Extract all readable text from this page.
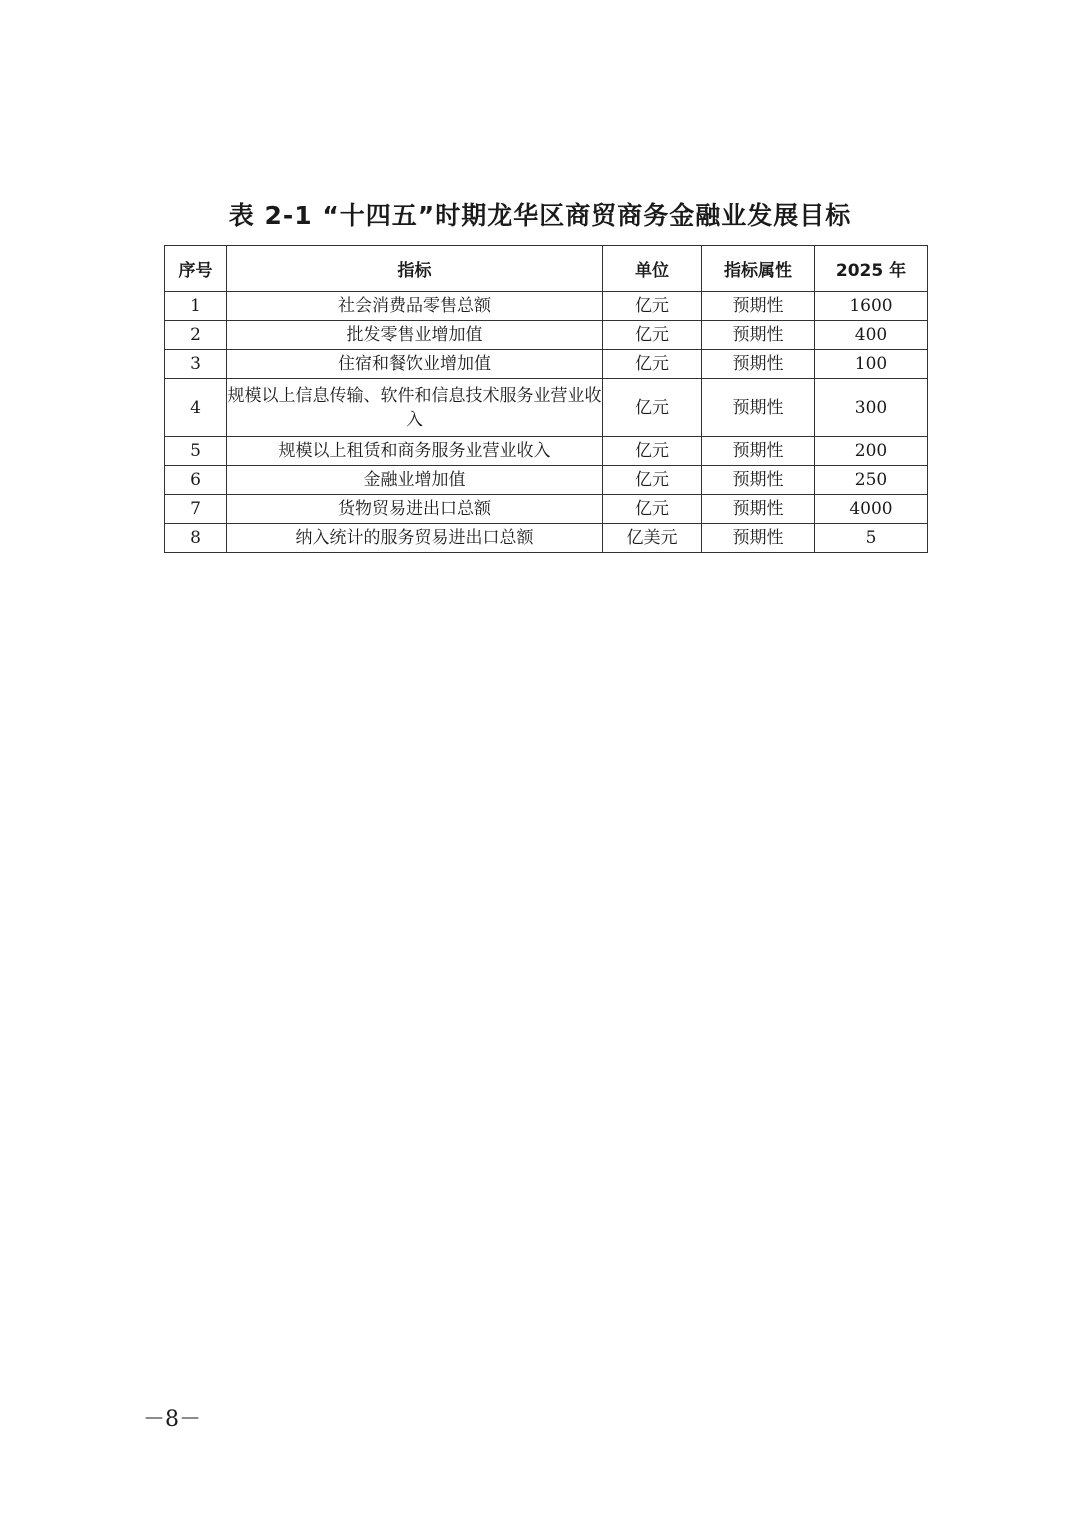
表 2-1 “十四五”时期龙华区商贸商务金融业发展目标
序号	指标	单位	指标属性	2025 年
1	社会消费品零售总额	亿元	预期性	1600
2	批发零售业增加值	亿元	预期性	400
3	住宿和餐饮业增加值	亿元	预期性	100
4	规模以上信息传输、软件和信息技术服务业营业收入	亿元	预期性	300
5	规模以上租赁和商务服务业营业收入	亿元	预期性	200
6	金融业增加值	亿元	预期性	250
7	货物贸易进出口总额	亿元	预期性	4000
8	纳入统计的服务贸易进出口总额	亿美元	预期性	5
－8－
